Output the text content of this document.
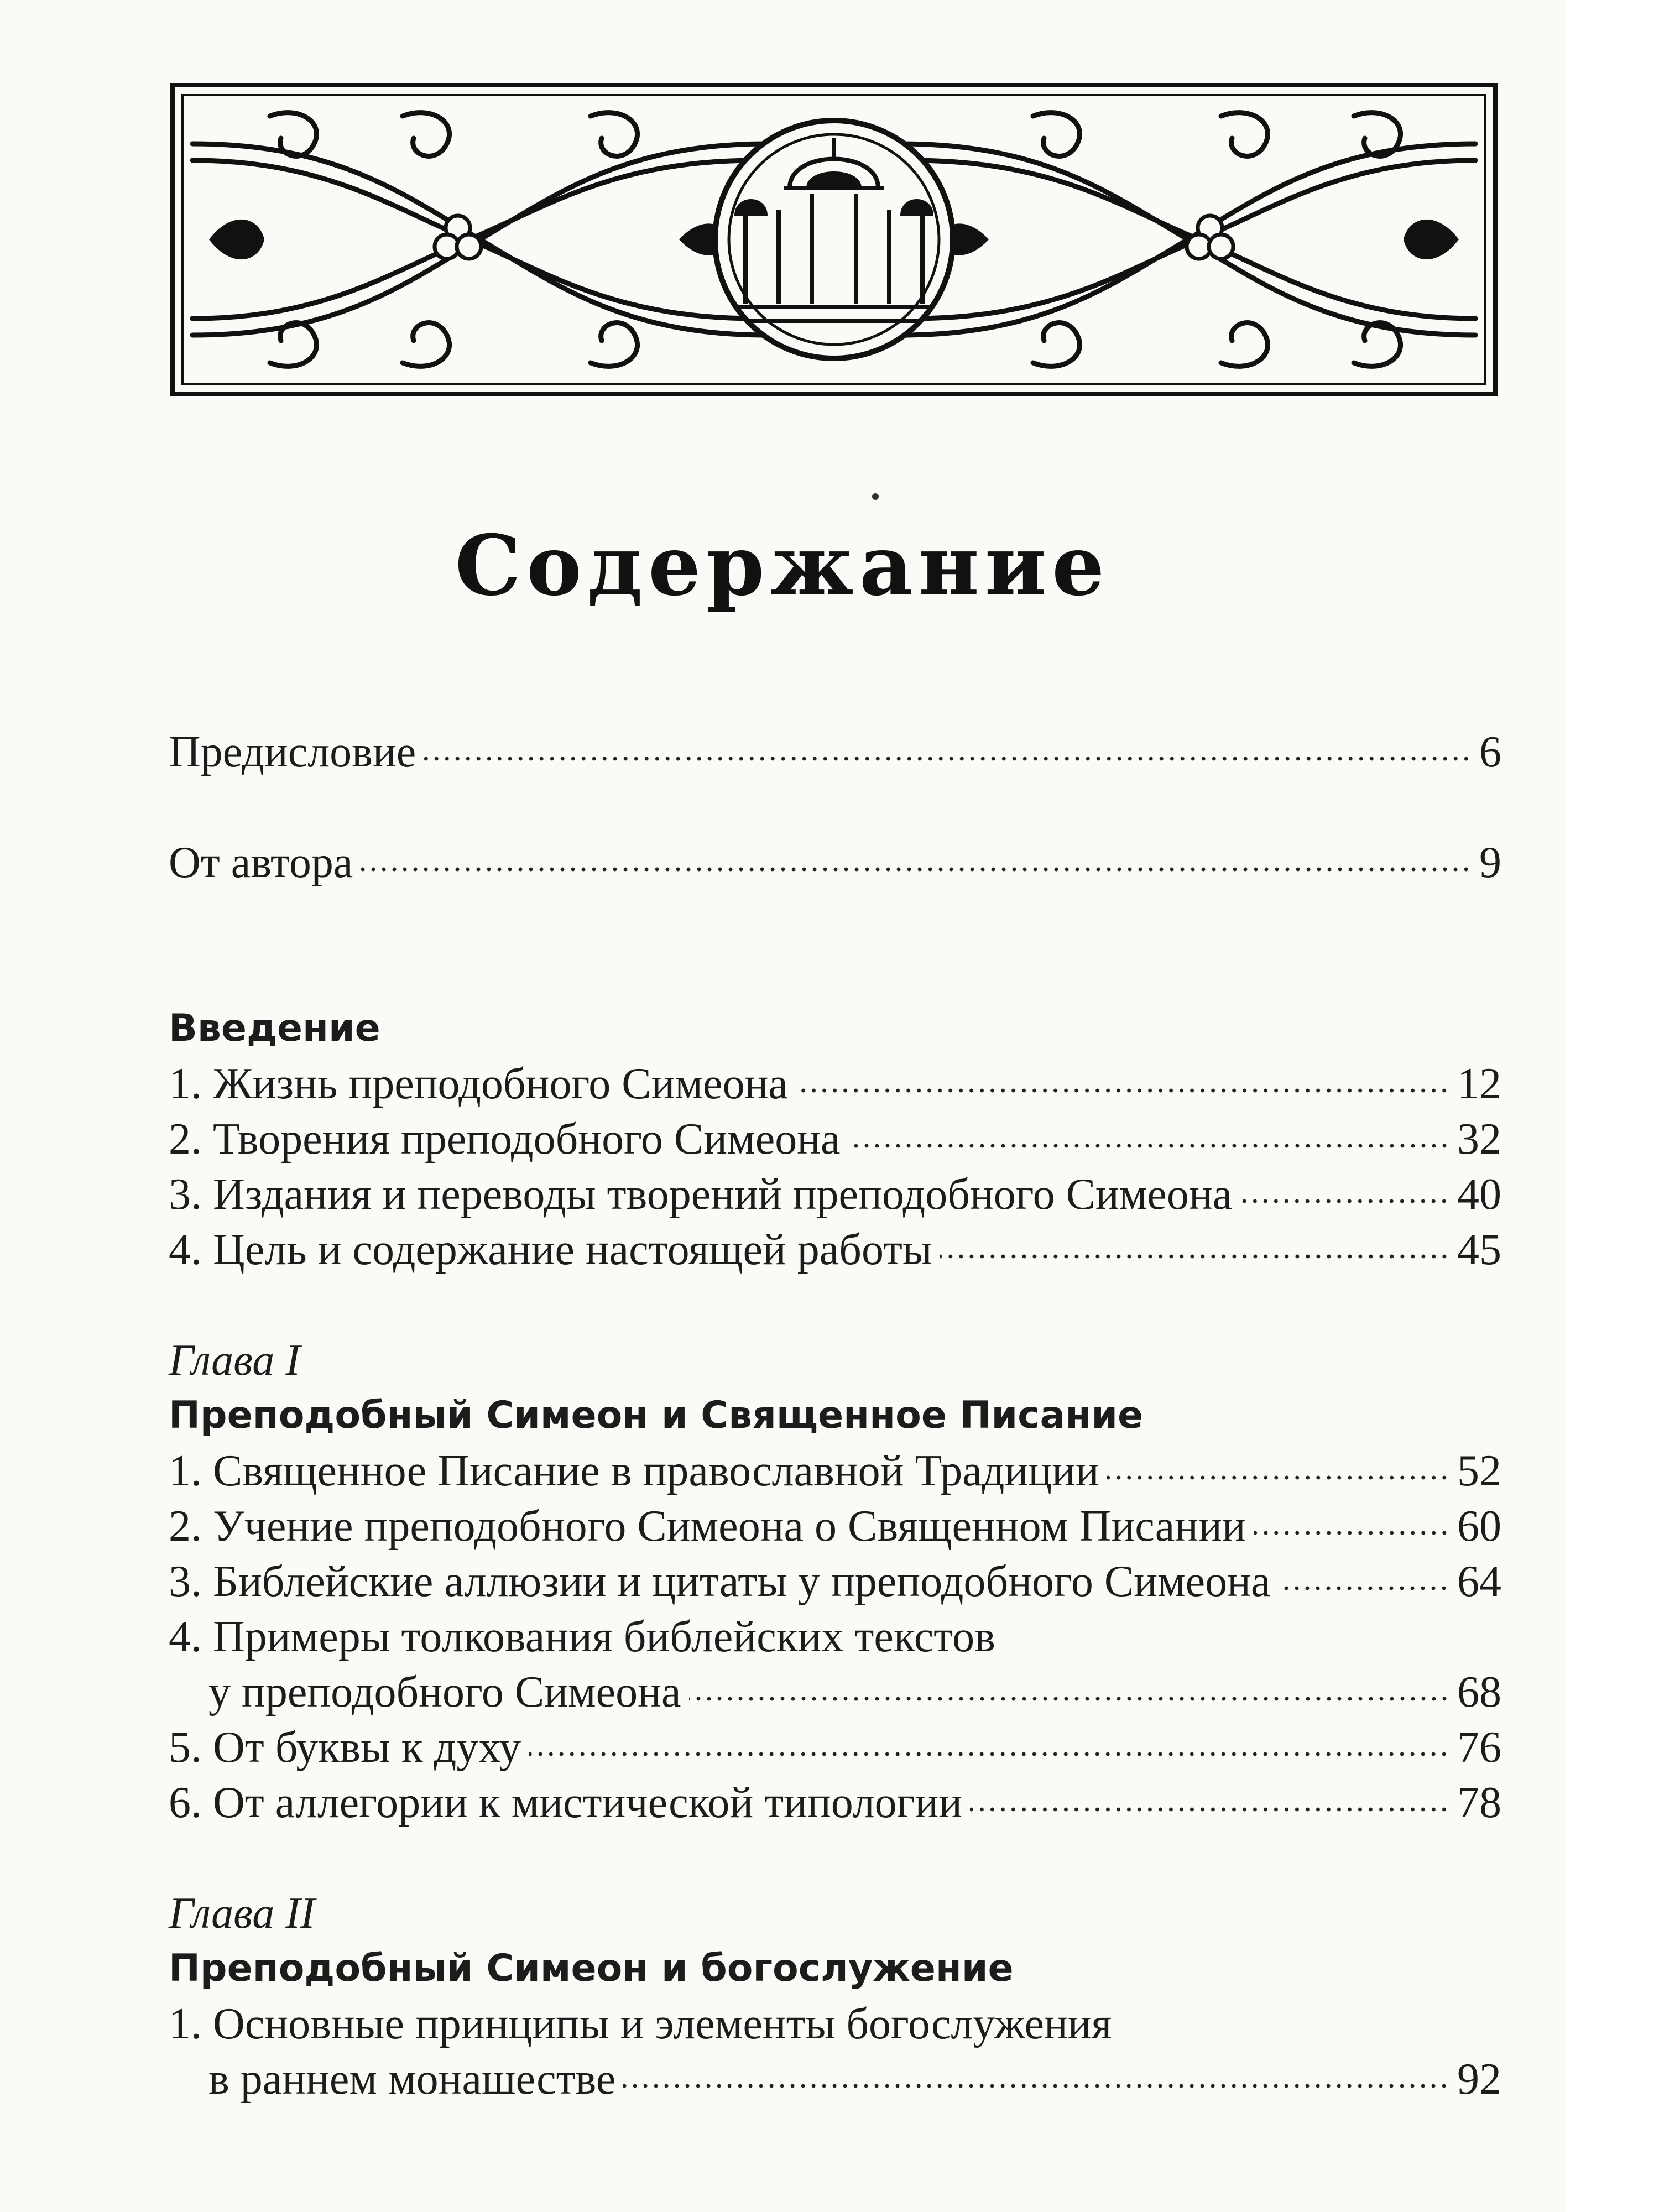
Содержание
Предисловие	6
От автора	9
Введение
1. Жизнь преподобного Симеона	12
2. Творения преподобного Симеона	32
3. Издания и переводы творений преподобного Симеона	40
4. Цель и содержание настоящей работы	45
Глава I
Преподобный Симеон и Священное Писание
1. Священное Писание в православной Традиции	52
2. Учение преподобного Симеона о Священном Писании	60
3. Библейские аллюзии и цитаты у преподобного Симеона	64
4. Примеры толкования библейских текстов
у преподобного Симеона	68
5. От буквы к духу	76
6. От аллегории к мистической типологии	78
Глава II
Преподобный Симеон и богослужение
1. Основные принципы и элементы богослужения
в раннем монашестве	92
